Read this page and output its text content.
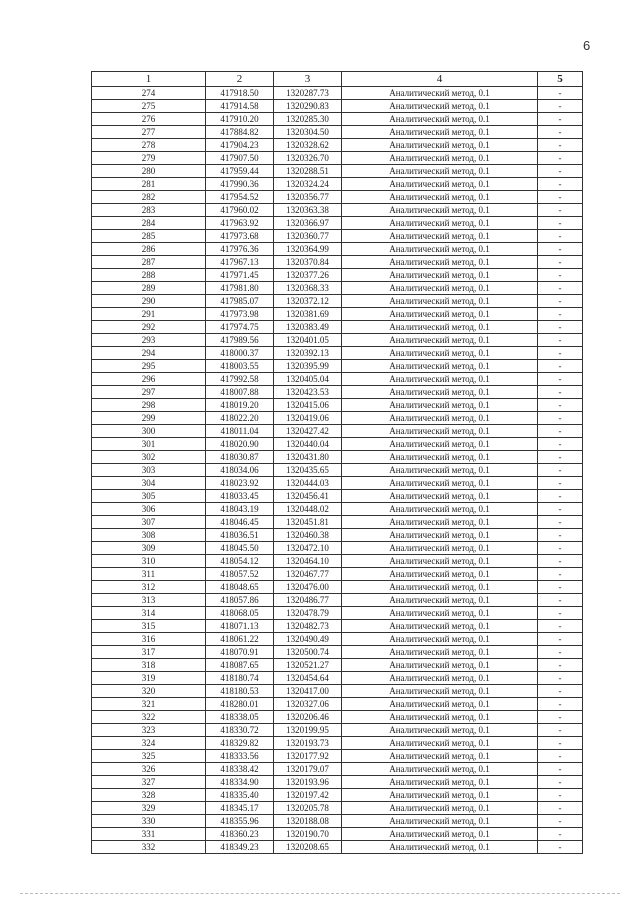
6
1	2	3	4	5
274	417918.50	1320287.73	Аналитический метод, 0.1	-
275	417914.58	1320290.83	Аналитический метод, 0.1	-
276	417910.20	1320285.30	Аналитический метод, 0.1	-
277	417884.82	1320304.50	Аналитический метод, 0.1	-
278	417904.23	1320328.62	Аналитический метод, 0.1	-
279	417907.50	1320326.70	Аналитический метод, 0.1	-
280	417959.44	1320288.51	Аналитический метод, 0.1	-
281	417990.36	1320324.24	Аналитический метод, 0.1	-
282	417954.52	1320356.77	Аналитический метод, 0.1	-
283	417960.02	1320363.38	Аналитический метод, 0.1	-
284	417963.92	1320366.97	Аналитический метод, 0.1	-
285	417973.68	1320360.77	Аналитический метод, 0.1	-
286	417976.36	1320364.99	Аналитический метод, 0.1	-
287	417967.13	1320370.84	Аналитический метод, 0.1	-
288	417971.45	1320377.26	Аналитический метод, 0.1	-
289	417981.80	1320368.33	Аналитический метод, 0.1	-
290	417985.07	1320372.12	Аналитический метод, 0.1	-
291	417973.98	1320381.69	Аналитический метод, 0.1	-
292	417974.75	1320383.49	Аналитический метод, 0.1	-
293	417989.56	1320401.05	Аналитический метод, 0.1	-
294	418000.37	1320392.13	Аналитический метод, 0.1	-
295	418003.55	1320395.99	Аналитический метод, 0.1	-
296	417992.58	1320405.04	Аналитический метод, 0.1	-
297	418007.88	1320423.53	Аналитический метод, 0.1	-
298	418019.20	1320415.06	Аналитический метод, 0.1	-
299	418022.20	1320419.06	Аналитический метод, 0.1	-
300	418011.04	1320427.42	Аналитический метод, 0.1	-
301	418020.90	1320440.04	Аналитический метод, 0.1	-
302	418030.87	1320431.80	Аналитический метод, 0.1	-
303	418034.06	1320435.65	Аналитический метод, 0.1	-
304	418023.92	1320444.03	Аналитический метод, 0.1	-
305	418033.45	1320456.41	Аналитический метод, 0.1	-
306	418043.19	1320448.02	Аналитический метод, 0.1	-
307	418046.45	1320451.81	Аналитический метод, 0.1	-
308	418036.51	1320460.38	Аналитический метод, 0.1	-
309	418045.50	1320472.10	Аналитический метод, 0.1	-
310	418054.12	1320464.10	Аналитический метод, 0.1	-
311	418057.52	1320467.77	Аналитический метод, 0.1	-
312	418048.65	1320476.00	Аналитический метод, 0.1	-
313	418057.86	1320486.77	Аналитический метод, 0.1	-
314	418068.05	1320478.79	Аналитический метод, 0.1	-
315	418071.13	1320482.73	Аналитический метод, 0.1	-
316	418061.22	1320490.49	Аналитический метод, 0.1	-
317	418070.91	1320500.74	Аналитический метод, 0.1	-
318	418087.65	1320521.27	Аналитический метод, 0.1	-
319	418180.74	1320454.64	Аналитический метод, 0.1	-
320	418180.53	1320417.00	Аналитический метод, 0.1	-
321	418280.01	1320327.06	Аналитический метод, 0.1	-
322	418338.05	1320206.46	Аналитический метод, 0.1	-
323	418330.72	1320199.95	Аналитический метод, 0.1	-
324	418329.82	1320193.73	Аналитический метод, 0.1	-
325	418333.56	1320177.92	Аналитический метод, 0.1	-
326	418338.42	1320179.07	Аналитический метод, 0.1	-
327	418334.90	1320193.96	Аналитический метод, 0.1	-
328	418335.40	1320197.42	Аналитический метод, 0.1	-
329	418345.17	1320205.78	Аналитический метод, 0.1	-
330	418355.96	1320188.08	Аналитический метод, 0.1	-
331	418360.23	1320190.70	Аналитический метод, 0.1	-
332	418349.23	1320208.65	Аналитический метод, 0.1	-
